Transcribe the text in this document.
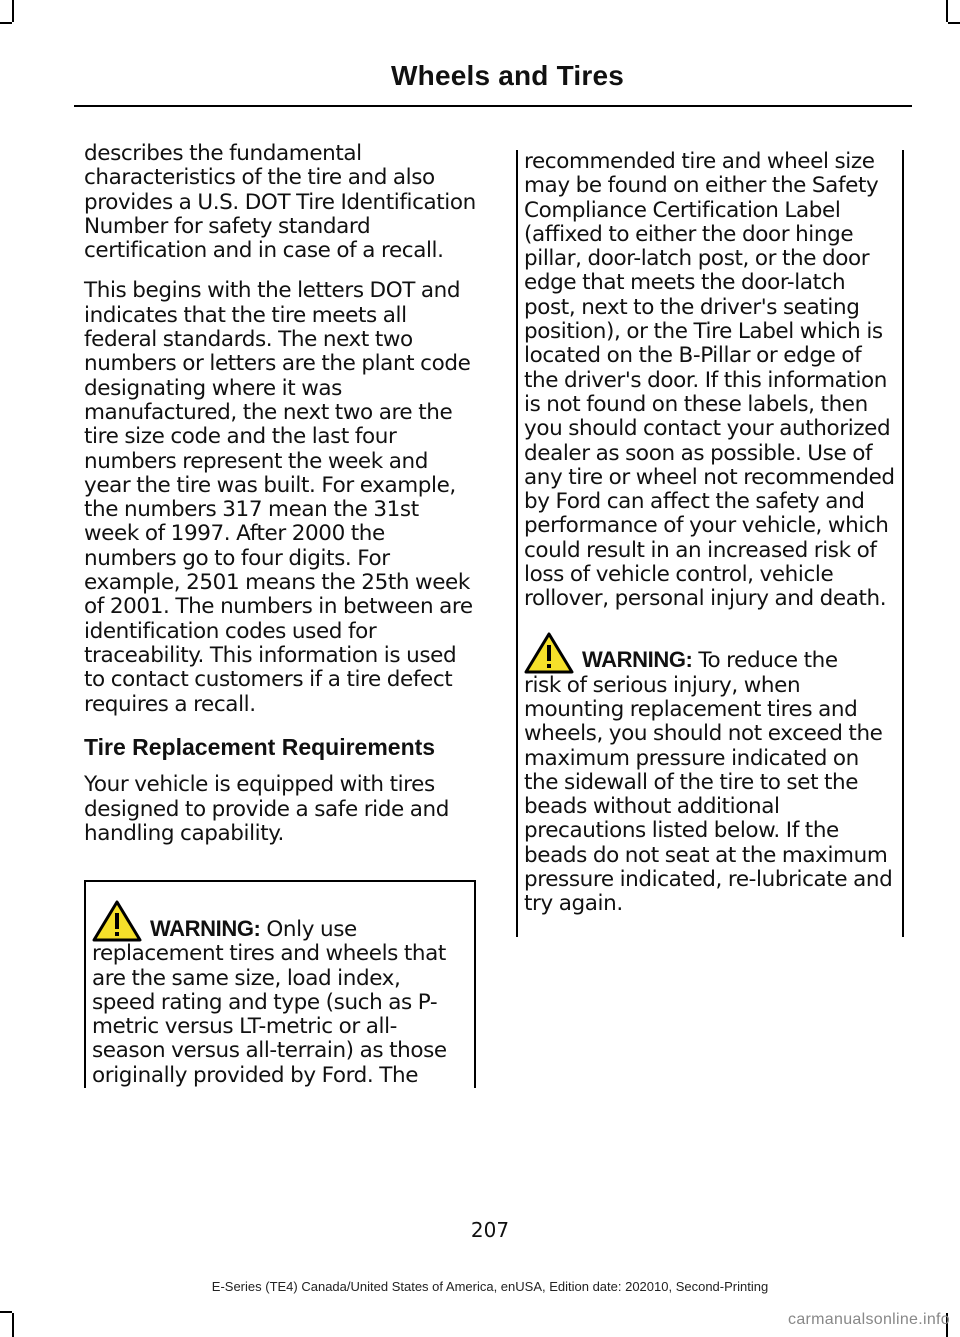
Wheels and Tires

describes the fundamental characteristics of the tire and also provides a U.S. DOT Tire Identification Number for safety standard certification and in case of a recall.

This begins with the letters DOT and indicates that the tire meets all federal standards. The next two numbers or letters are the plant code designating where it was manufactured, the next two are the tire size code and the last four numbers represent the week and year the tire was built. For example, the numbers 317 mean the 31st week of 1997. After 2000 the numbers go to four digits. For example, 2501 means the 25th week of 2001. The numbers in between are identification codes used for traceability. This information is used to contact customers if a tire defect requires a recall.

Tire Replacement Requirements

Your vehicle is equipped with tires designed to provide a safe ride and handling capability.

WARNING: Only use

replacement tires and wheels that are the same size, load index, speed rating and type (such as P-metric versus LT-metric or all-season versus all-terrain) as those originally provided by Ford. The

recommended tire and wheel size may be found on either the Safety Compliance Certification Label (affixed to either the door hinge pillar, door-latch post, or the door edge that meets the door-latch post, next to the driver's seating position), or the Tire Label which is located on the B-Pillar or edge of the driver's door. If this information is not found on these labels, then you should contact your authorized dealer as soon as possible. Use of any tire or wheel not recommended by Ford can affect the safety and performance of your vehicle, which could result in an increased risk of loss of vehicle control, vehicle rollover, personal injury and death.

WARNING: To reduce the

risk of serious injury, when mounting replacement tires and wheels, you should not exceed the maximum pressure indicated on the sidewall of the tire to set the beads without additional precautions listed below. If the beads do not seat at the maximum pressure indicated, re-lubricate and try again.

207
E-Series (TE4) Canada/United States of America, enUSA, Edition date: 202010, Second-Printing
carmanualsonline.info
